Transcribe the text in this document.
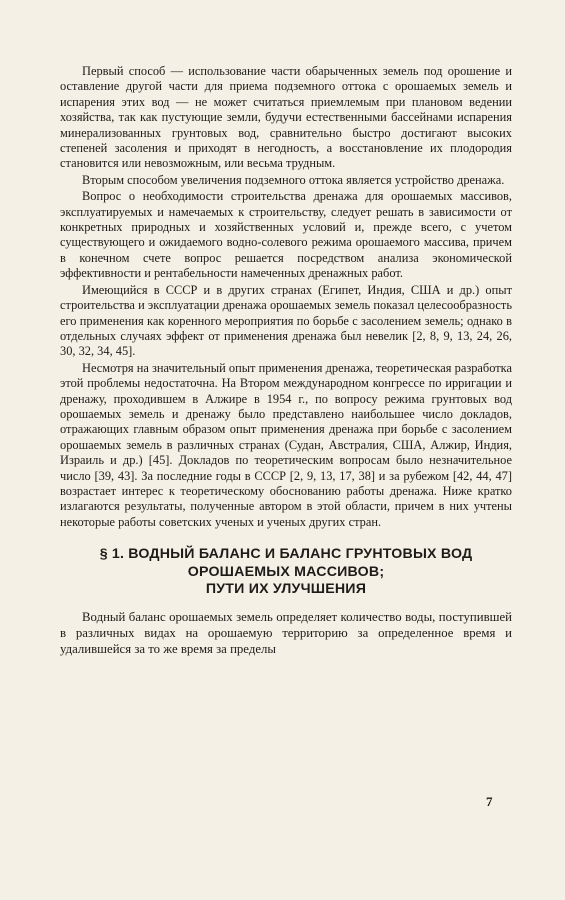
Первый способ — использование части обарыченных земель под орошение и оставление другой части для приема подземного оттока с орошаемых земель и испарения этих вод — не может считаться приемлемым при плановом ведении хозяйства, так как пустующие земли, будучи естественными бассейнами испарения минерализованных грунтовых вод, сравнительно быстро достигают высоких степеней засоления и приходят в негодность, а восстановление их плодородия становится или невозможным, или весьма трудным.

Вторым способом увеличения подземного оттока является устройство дренажа.

Вопрос о необходимости строительства дренажа для орошаемых массивов, эксплуатируемых и намечаемых к строительству, следует решать в зависимости от конкретных природных и хозяйственных условий и, прежде всего, с учетом существующего и ожидаемого водно-солевого режима орошаемого массива, причем в конечном счете вопрос решается посредством анализа экономической эффективности и рентабельности намеченных дренажных работ.

Имеющийся в СССР и в других странах (Египет, Индия, США и др.) опыт строительства и эксплуатации дренажа орошаемых земель показал целесообразность его применения как коренного мероприятия по борьбе с засолением земель; однако в отдельных случаях эффект от применения дренажа был невелик [2, 8, 9, 13, 24, 26, 30, 32, 34, 45].

Несмотря на значительный опыт применения дренажа, теоретическая разработка этой проблемы недостаточна. На Втором международном конгрессе по ирригации и дренажу, проходившем в Алжире в 1954 г., по вопросу режима грунтовых вод орошаемых земель и дренажу было представлено наибольшее число докладов, отражающих главным образом опыт применения дренажа при борьбе с засолением орошаемых земель в различных странах (Судан, Австралия, США, Алжир, Индия, Израиль и др.) [45]. Докладов по теоретическим вопросам было незначительное число [39, 43]. За последние годы в СССР [2, 9, 13, 17, 38] и за рубежом [42, 44, 47] возрастает интерес к теоретическому обоснованию работы дренажа. Ниже кратко излагаются результаты, полученные автором в этой области, причем в них учтены некоторые работы советских ученых и ученых других стран.

§ 1. ВОДНЫЙ БАЛАНС И БАЛАНС ГРУНТОВЫХ ВОД
ОРОШАЕМЫХ МАССИВОВ;
ПУТИ ИХ УЛУЧШЕНИЯ

Водный баланс орошаемых земель определяет количество воды, поступившей в различных видах на орошаемую территорию за определенное время и удалившейся за то же время за пределы

7
